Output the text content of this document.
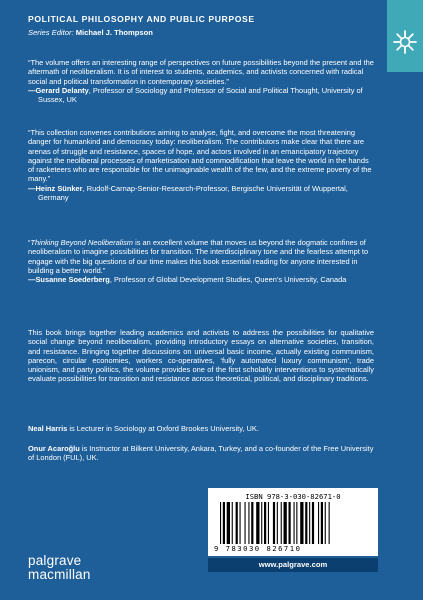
POLITICAL PHILOSOPHY AND PUBLIC PURPOSE
Series Editor: Michael J. Thompson

“The volume offers an interesting range of perspectives on future possibilities beyond the present and the aftermath of neoliberalism. It is of interest to students, academics, and activists concerned with radical social and political transformation in contemporary societies.”

—Gerard Delanty, Professor of Sociology and Professor of Social and Political Thought, University of Sussex, UK

“This collection convenes contributions aiming to analyse, fight, and overcome the most threatening danger for humankind and democracy today: neoliberalism. The contributors make clear that there are arenas of struggle and resistance, spaces of hope, and actors involved in an emancipatory trajectory against the neoliberal processes of marketisation and commodification that leave the world in the hands of racketeers who are responsible for the unimaginable wealth of the few, and the extreme poverty of the many.”

—Heinz Sünker, Rudolf-Carnap-Senior-Research-Professor, Bergische Universität of Wuppertal, Germany

“Thinking Beyond Neoliberalism is an excellent volume that moves us beyond the dogmatic confines of neoliberalism to imagine possibilities for transition. The interdisciplinary tone and the fearless attempt to engage with the big questions of our time makes this book essential reading for anyone interested in building a better world.”

—Susanne Soederberg, Professor of Global Development Studies, Queen’s University, Canada

This book brings together leading academics and activists to address the possibilities for qualitative social change beyond neoliberalism, providing introductory essays on alternative societies, transition, and resistance. Bringing together discussions on universal basic income, actually existing communism, parecon, circular economies, workers co-operatives, ‘fully automated luxury communism’, trade unionism, and party politics, the volume provides one of the first scholarly interventions to systematically evaluate possibilities for transition and resistance across theoretical, political, and disciplinary traditions.
Neal Harris is Lecturer in Sociology at Oxford Brookes University, UK.
Onur Acaroğlu is Instructor at Bilkent University, Ankara, Turkey, and a co-founder of the Free University of London (FUL), UK.
ISBN 978-3-030-82671-0
9 783030 826710
www.palgrave.com
palgrave
macmillan
